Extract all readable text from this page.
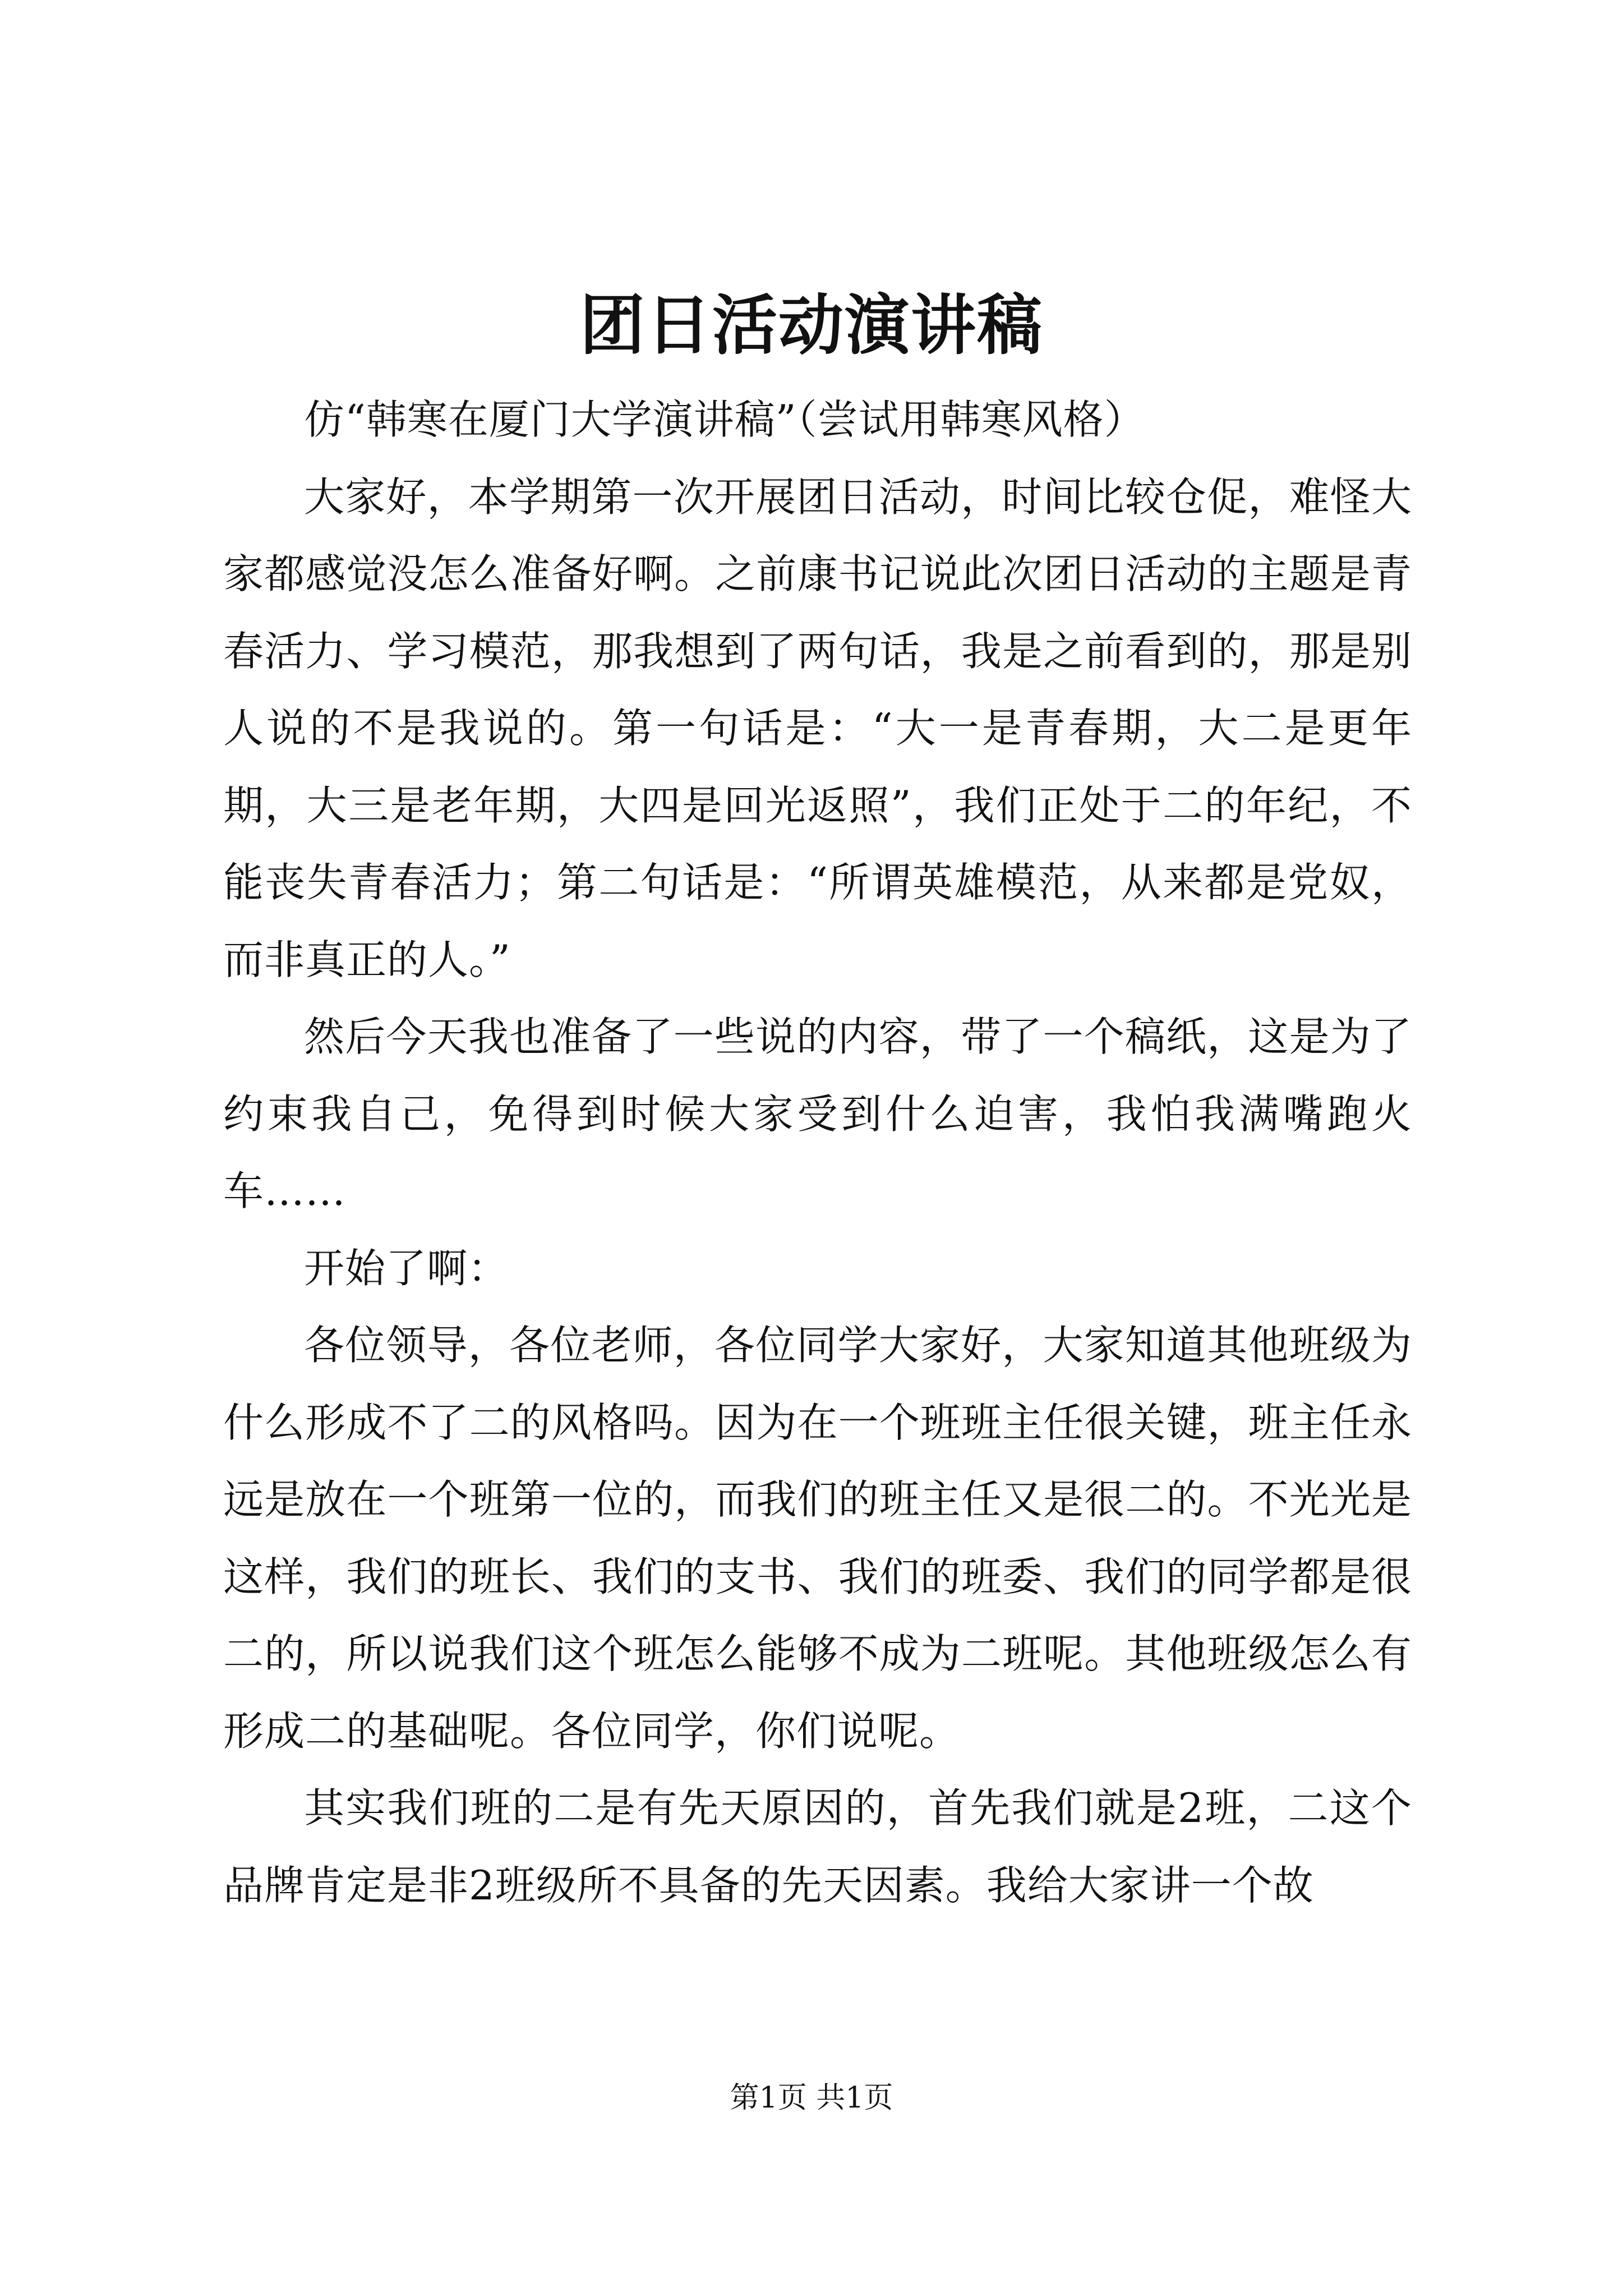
团日活动演讲稿

仿“韩寒在厦门大学演讲稿”（尝试用韩寒风格）

大家好，本学期第一次开展团日活动，时间比较仓促，难怪大家都感觉没怎么准备好啊。之前康书记说此次团日活动的主题是青春活力、学习模范，那我想到了两句话，我是之前看到的，那是别人说的不是我说的。第一句话是：“大一是青春期，大二是更年期，大三是老年期，大四是回光返照”，我们正处于二的年纪，不能丧失青春活力；第二句话是：“所谓英雄模范，从来都是党奴，而非真正的人。”

然后今天我也准备了一些说的内容，带了一个稿纸，这是为了约束我自己，免得到时候大家受到什么迫害，我怕我满嘴跑火车……

开始了啊：

各位领导，各位老师，各位同学大家好，大家知道其他班级为什么形成不了二的风格吗。因为在一个班班主任很关键，班主任永远是放在一个班第一位的，而我们的班主任又是很二的。不光光是这样，我们的班长、我们的支书、我们的班委、我们的同学都是很二的，所以说我们这个班怎么能够不成为二班呢。其他班级怎么有形成二的基础呢。各位同学，你们说呢。

其实我们班的二是有先天原因的，首先我们就是2班，二这个品牌肯定是非2班级所不具备的先天因素。我给大家讲一个故

第1页 共1页
